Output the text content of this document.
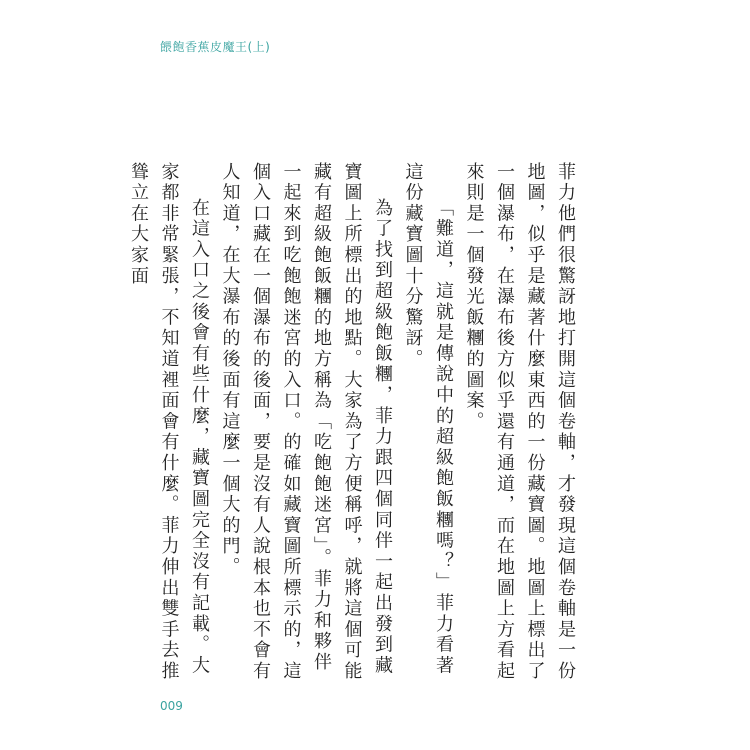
餵飽香蕉皮魔王(上)

菲力他們很驚訝地打開這個卷軸，才發現這個卷軸是一份地圖，似乎是藏著什麼東西的一份藏寶圖。地圖上標出了一個瀑布，在瀑布後方似乎還有通道，而在地圖上方看起來則是一個發光飯糰的圖案。

「難道，這就是傳說中的超級飽飯糰嗎？」菲力看著這份藏寶圖十分驚訝。

為了找到超級飽飯糰，菲力跟四個同伴一起出發到藏寶圖上所標出的地點。大家為了方便稱呼，就將這個可能藏有超級飽飯糰的地方稱為「吃飽飽迷宮」。菲力和夥伴一起來到吃飽飽迷宮的入口。的確如藏寶圖所標示的，這個入口藏在一個瀑布的後面，要是沒有人說根本也不會有人知道，在大瀑布的後面有這麼一個大的門。

在這入口之後會有些什麼，藏寶圖完全沒有記載。大家都非常緊張，不知道裡面會有什麼。菲力伸出雙手去推聳立在大家面

009
